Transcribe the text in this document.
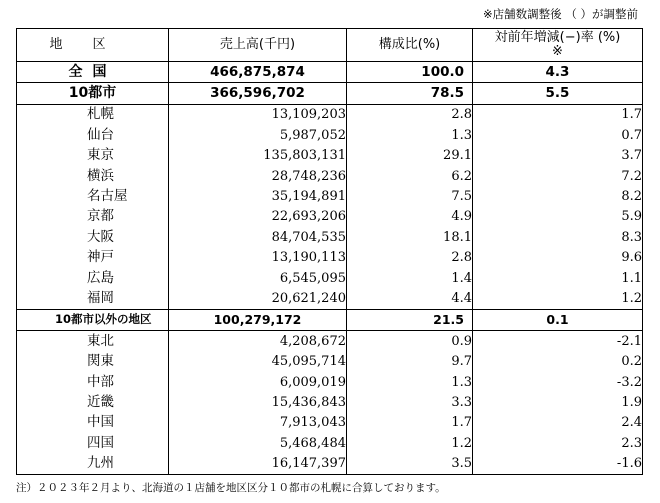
※店舗数調整後 （ ）が調整前
地区	売上高(千円)	構成比(%)	対前年増減(−)率 (%)
※

全国	466,875,874	100.0	4.3
10都市	366,596,702	78.5	5.5
札幌	13,109,203	2.8	1.7
仙台	5,987,052	1.3	0.7
東京	135,803,131	29.1	3.7
横浜	28,748,236	6.2	7.2
名古屋	35,194,891	7.5	8.2
京都	22,693,206	4.9	5.9
大阪	84,704,535	18.1	8.3
神戸	13,190,113	2.8	9.6
広島	6,545,095	1.4	1.1
福岡	20,621,240	4.4	1.2
10都市以外の地区	100,279,172	21.5	0.1
東北	4,208,672	0.9	-2.1
関東	45,095,714	9.7	0.2
中部	6,009,019	1.3	-3.2
近畿	15,436,843	3.3	1.9
中国	7,913,043	1.7	2.4
四国	5,468,484	1.2	2.3
九州	16,147,397	3.5	-1.6
注）２０２３年２月より、北海道の１店舗を地区区分１０都市の札幌に合算しております。
